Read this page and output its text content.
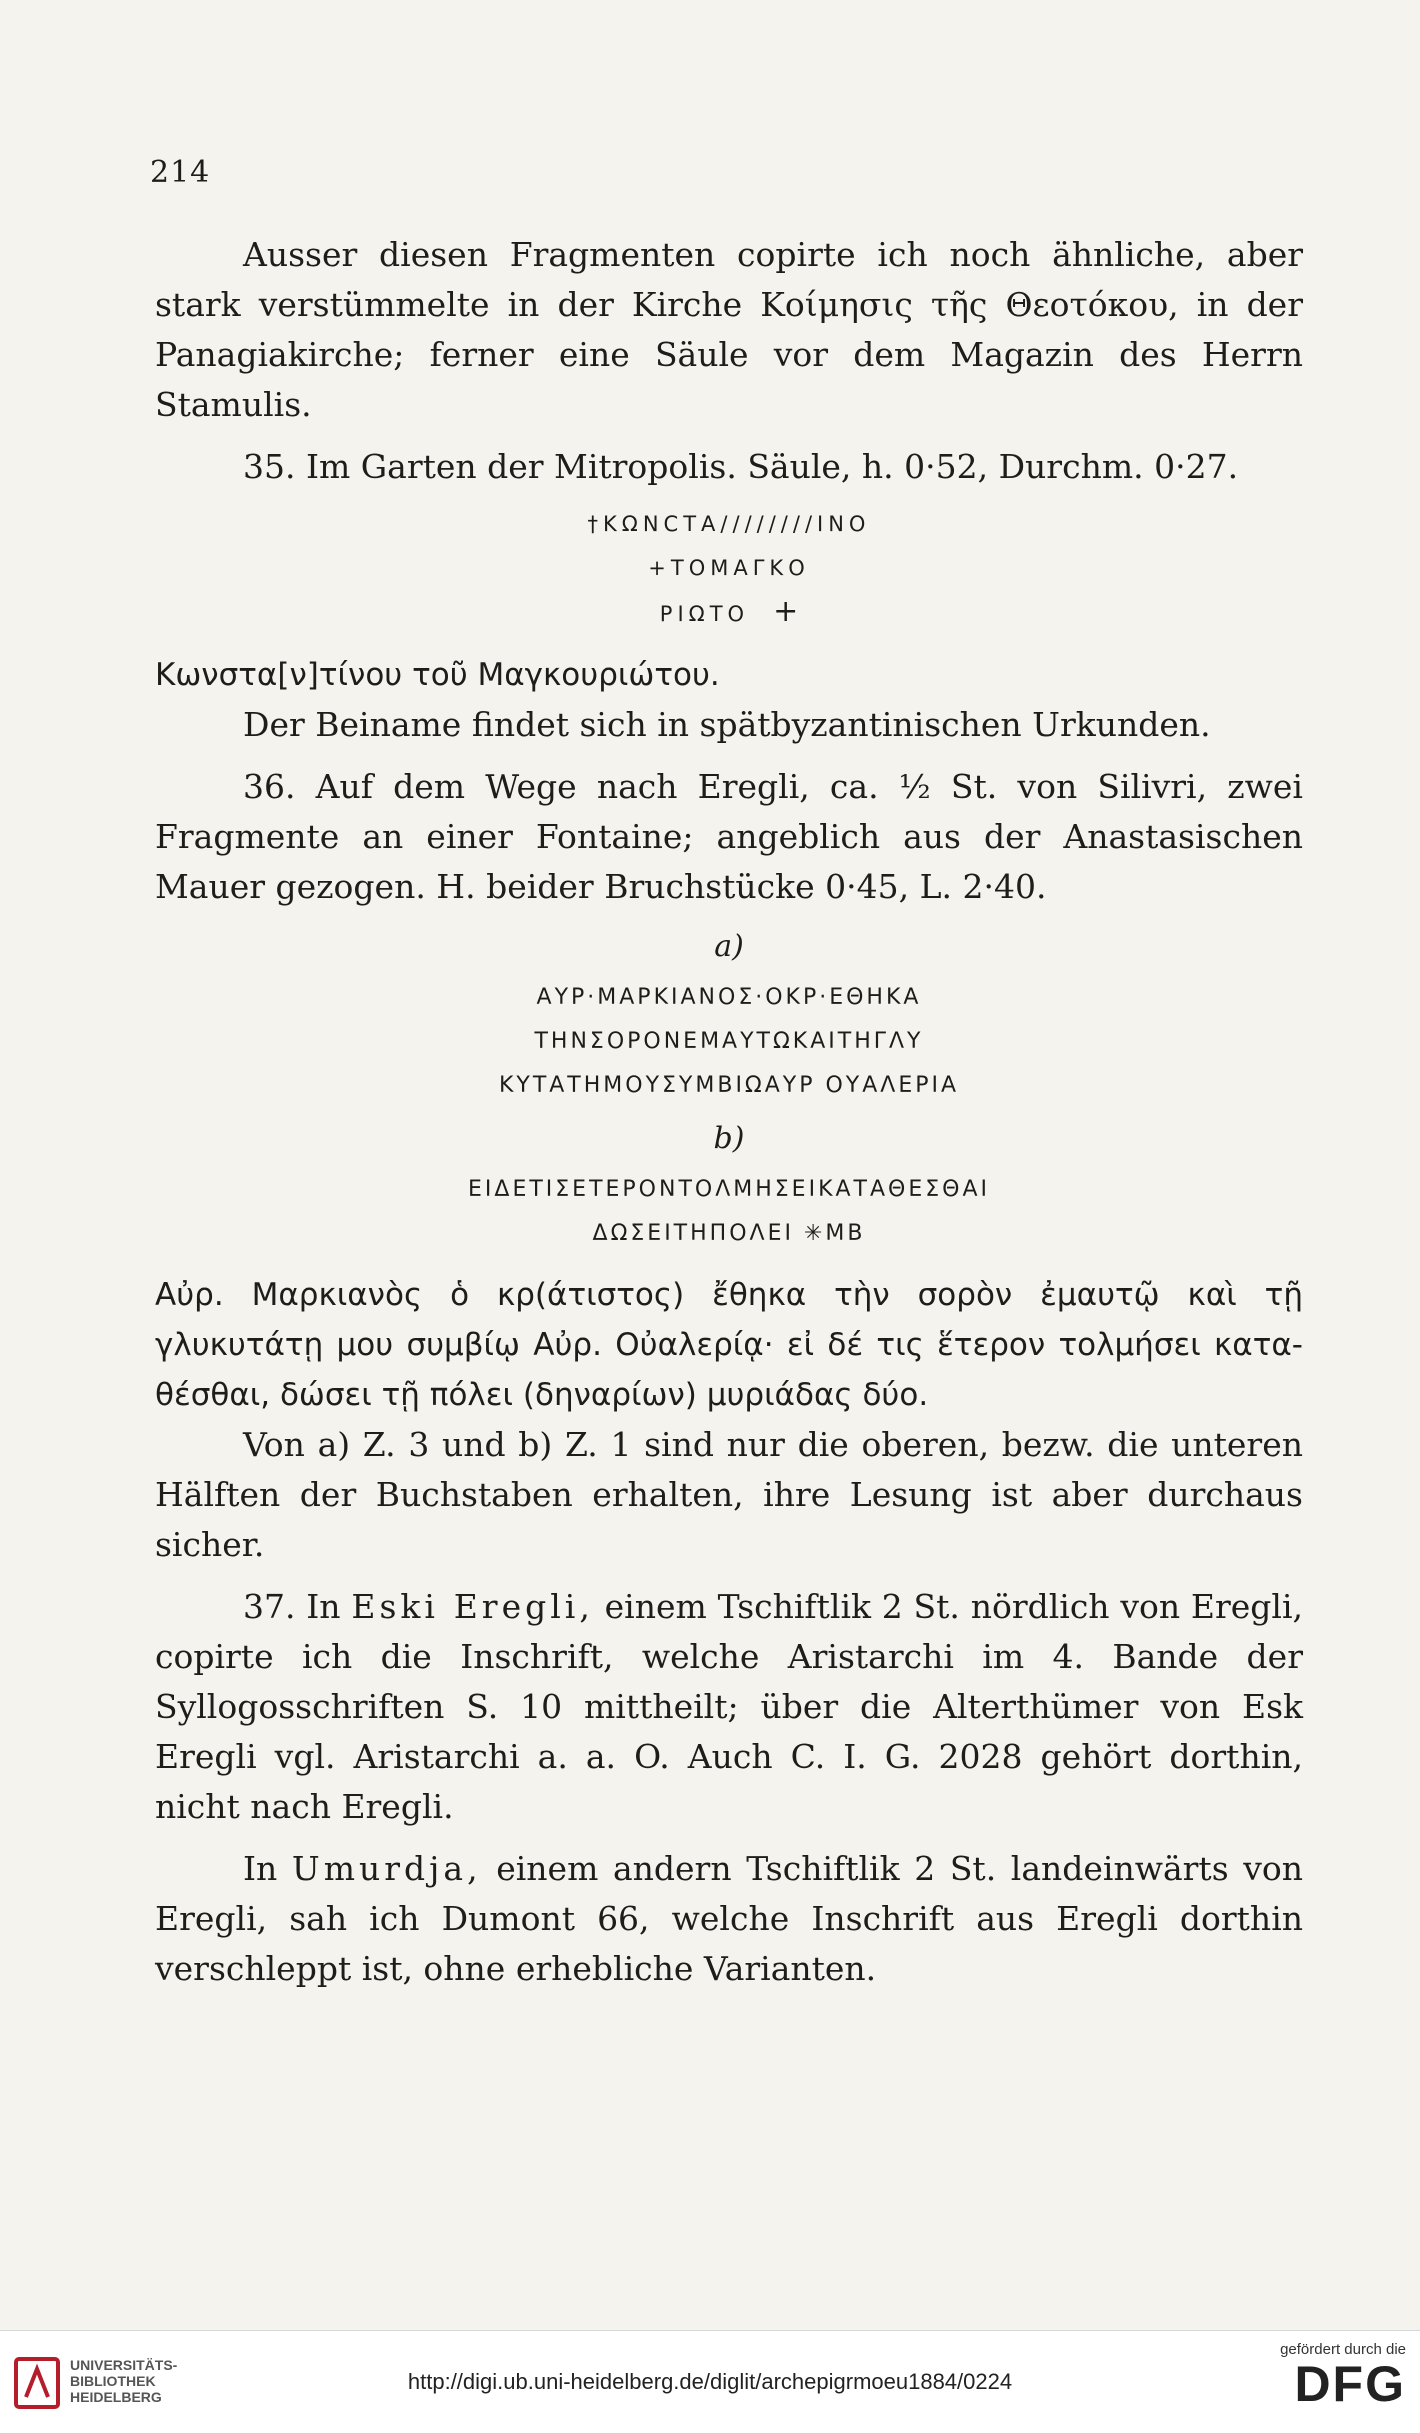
214

Ausser diesen Fragmenten copirte ich noch ähnliche, aber stark verstümmelte in der Kirche Κοίμησις τῆς Θεοτόκου, in der Panagiakirche; ferner eine Säule vor dem Magazin des Herrn Stamulis.

35. Im Garten der Mitropolis. Säule, h. 0·52, Durchm. 0·27.

†ΚΩΝϹΤΑ////////ΙΝΟ

+ΤΟΜΑΓΚΟ

ΡΙΩΤΟ +

Κωνστα[ν]τίνου τοῦ Μαγκουριώτου.

Der Beiname findet sich in spätbyzantinischen Urkunden.

36. Auf dem Wege nach Eregli, ca. ½ St. von Silivri, zwei Fragmente an einer Fontaine; angeblich aus der Anastasischen Mauer gezogen. H. beider Bruchstücke 0·45, L. 2·40.

a)

ΑΥΡ·ΜΑΡΚΙΑΝΟΣ·ΟΚΡ·ΕΘΗΚΑ

ΤΗΝΣΟΡΟΝΕΜΑΥΤΩΚΑΙΤΗΓΛΥ

ΚΥΤΑΤΗΜΟΥΣΥΜΒΙΩΑΥΡ ΟΥΑΛΕΡΙΑ

b)

ΕΙΔΕΤΙΣΕΤΕΡΟΝΤΟΛΜΗΣΕΙΚΑΤΑΘΕΣΘΑΙ

ΔΩΣΕΙΤΗΠΟΛΕΙ ✳ΜΒ

Αὐρ. Μαρκιανὸς ὁ κρ(άτιστος) ἔθηκα τὴν σορὸν ἐμαυτῷ καὶ τῇ γλυκυτάτῃ μου συμβίῳ Αὐρ. Οὐαλερίᾳ· εἰ δέ τις ἕτερον τολμήσει κατα-θέσθαι, δώσει τῇ πόλει (δηναρίων) μυριάδας δύο.

Von a) Z. 3 und b) Z. 1 sind nur die oberen, bezw. die unteren Hälften der Buchstaben erhalten, ihre Lesung ist aber durchaus sicher.

37. In Eski Eregli, einem Tschiftlik 2 St. nördlich von Eregli, copirte ich die Inschrift, welche Aristarchi im 4. Bande der Syllogosschriften S. 10 mittheilt; über die Alterthümer von Esk Eregli vgl. Aristarchi a. a. O. Auch C. I. G. 2028 gehört dorthin, nicht nach Eregli.

In Umurdja, einem andern Tschiftlik 2 St. landeinwärts von Eregli, sah ich Dumont 66, welche Inschrift aus Eregli dorthin verschleppt ist, ohne erhebliche Varianten.

UNIVERSITÄTS-
BIBLIOTHEK
HEIDELBERG
http://digi.ub.uni-heidelberg.de/diglit/archepigrmoeu1884/0224
gefördert durch die
DFG
